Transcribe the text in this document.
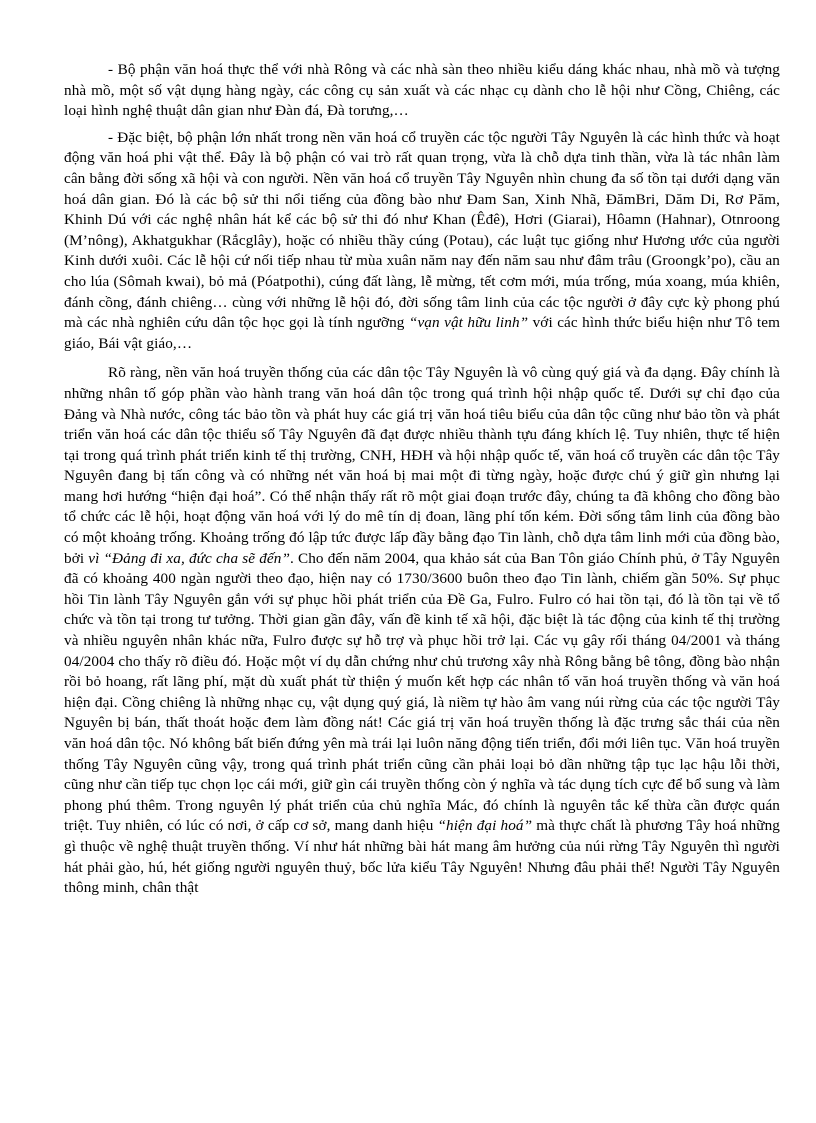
- Bộ phận văn hoá thực thể với nhà Rông và các nhà sàn theo nhiều kiểu dáng khác nhau, nhà mồ và tượng nhà mồ, một số vật dụng hàng ngày, các công cụ sản xuất và các nhạc cụ dành cho lễ hội như Cồng, Chiêng, các loại hình nghệ thuật dân gian như Đàn đá, Đà torưng,…

- Đặc biệt, bộ phận lớn nhất trong nền văn hoá cổ truyền các tộc người Tây Nguyên là các hình thức và hoạt động văn hoá phi vật thể. Đây là bộ phận có vai trò rất quan trọng, vừa là chỗ dựa tinh thần, vừa là tác nhân làm cân bằng đời sống xã hội và con người. Nền văn hoá cổ truyền Tây Nguyên nhìn chung đa số tồn tại dưới dạng văn hoá dân gian. Đó là các bộ sử thi nổi tiếng của đồng bào như Đam San, Xinh Nhã, ĐămBri, Dăm Di, Rơ Păm, Khinh Dú với các nghệ nhân hát kể các bộ sử thi đó như Khan (Êđê), Hơri (Giarai), Hôamn (Hahnar), Otnroong (M’nông), Akhatgukhar (Rắcglây), hoặc có nhiều thầy cúng (Potau), các luật tục giống như Hương ước của người Kinh dưới xuôi. Các lễ hội cứ nối tiếp nhau từ mùa xuân năm nay đến năm sau như đâm trâu (Groongk’po), cầu an cho lúa (Sômah kwai), bỏ mả (Póatpothi), cúng đất làng, lễ mừng, tết cơm mới, múa trống, múa xoang, múa khiên, đánh cồng, đánh chiêng… cùng với những lễ hội đó, đời sống tâm linh của các tộc người ở đây cực kỳ phong phú mà các nhà nghiên cứu dân tộc học gọi là tính ngưỡng “vạn vật hữu linh” với các hình thức biểu hiện như Tô tem giáo, Bái vật giáo,…

Rõ ràng, nền văn hoá truyền thống của các dân tộc Tây Nguyên là vô cùng quý giá và đa dạng. Đây chính là những nhân tố góp phần vào hành trang văn hoá dân tộc trong quá trình hội nhập quốc tế. Dưới sự chỉ đạo của Đảng và Nhà nước, công tác bảo tồn và phát huy các giá trị văn hoá tiêu biểu của dân tộc cũng như bảo tồn và phát triển văn hoá các dân tộc thiểu số Tây Nguyên đã đạt được nhiều thành tựu đáng khích lệ. Tuy nhiên, thực tế hiện tại trong quá trình phát triển kinh tế thị trường, CNH, HĐH và hội nhập quốc tế, văn hoá cổ truyền các dân tộc Tây Nguyên đang bị tấn công và có những nét văn hoá bị mai một đi từng ngày, hoặc được chú ý giữ gìn nhưng lại mang hơi hướng “hiện đại hoá”. Có thể nhận thấy rất rõ một giai đoạn trước đây, chúng ta đã không cho đồng bào tổ chức các lễ hội, hoạt động văn hoá với lý do mê tín dị đoan, lãng phí tốn kém. Đời sống tâm linh của đồng bào có một khoảng trống. Khoảng trống đó lập tức được lấp đầy bằng đạo Tin lành, chỗ dựa tâm linh mới của đồng bào, bởi vì “Đảng đi xa, đức cha sẽ đến”. Cho đến năm 2004, qua khảo sát của Ban Tôn giáo Chính phủ, ở Tây Nguyên đã có khoảng 400 ngàn người theo đạo, hiện nay có 1730/3600 buôn theo đạo Tin lành, chiếm gần 50%. Sự phục hồi Tin lành Tây Nguyên gắn với sự phục hồi phát triển của Đề Ga, Fulro. Fulro có hai tồn tại, đó là tồn tại về tổ chức và tồn tại trong tư tưởng. Thời gian gần đây, vấn đề kinh tế xã hội, đặc biệt là tác động của kinh tế thị trường và nhiều nguyên nhân khác nữa, Fulro được sự hỗ trợ và phục hồi trở lại. Các vụ gây rối tháng 04/2001 và tháng 04/2004 cho thấy rõ điều đó. Hoặc một ví dụ dẫn chứng như chủ trương xây nhà Rông bằng bê tông, đồng bào nhận rồi bỏ hoang, rất lãng phí, mặt dù xuất phát từ thiện ý muốn kết hợp các nhân tố văn hoá truyền thống và văn hoá hiện đại. Cồng chiêng là những nhạc cụ, vật dụng quý giá, là niềm tự hào âm vang núi rừng của các tộc người Tây Nguyên bị bán, thất thoát hoặc đem làm đồng nát! Các giá trị văn hoá truyền thống là đặc trưng sắc thái của nền văn hoá dân tộc. Nó không bất biến đứng yên mà trái lại luôn năng động tiến triển, đổi mới liên tục. Văn hoá truyền thống Tây Nguyên cũng vậy, trong quá trình phát triển cũng cần phải loại bỏ dần những tập tục lạc hậu lỗi thời, cũng như cần tiếp tục chọn lọc cái mới, giữ gìn cái truyền thống còn ý nghĩa và tác dụng tích cực để bổ sung và làm phong phú thêm. Trong nguyên lý phát triển của chủ nghĩa Mác, đó chính là nguyên tắc kế thừa cần được quán triệt. Tuy nhiên, có lúc có nơi, ở cấp cơ sở, mang danh hiệu “hiện đại hoá” mà thực chất là phương Tây hoá những gì thuộc về nghệ thuật truyền thống. Ví như hát những bài hát mang âm hưởng của núi rừng Tây Nguyên thì người hát phải gào, hú, hét giống người nguyên thuỷ, bốc lửa kiểu Tây Nguyên! Nhưng đâu phải thế! Người Tây Nguyên thông minh, chân thật
